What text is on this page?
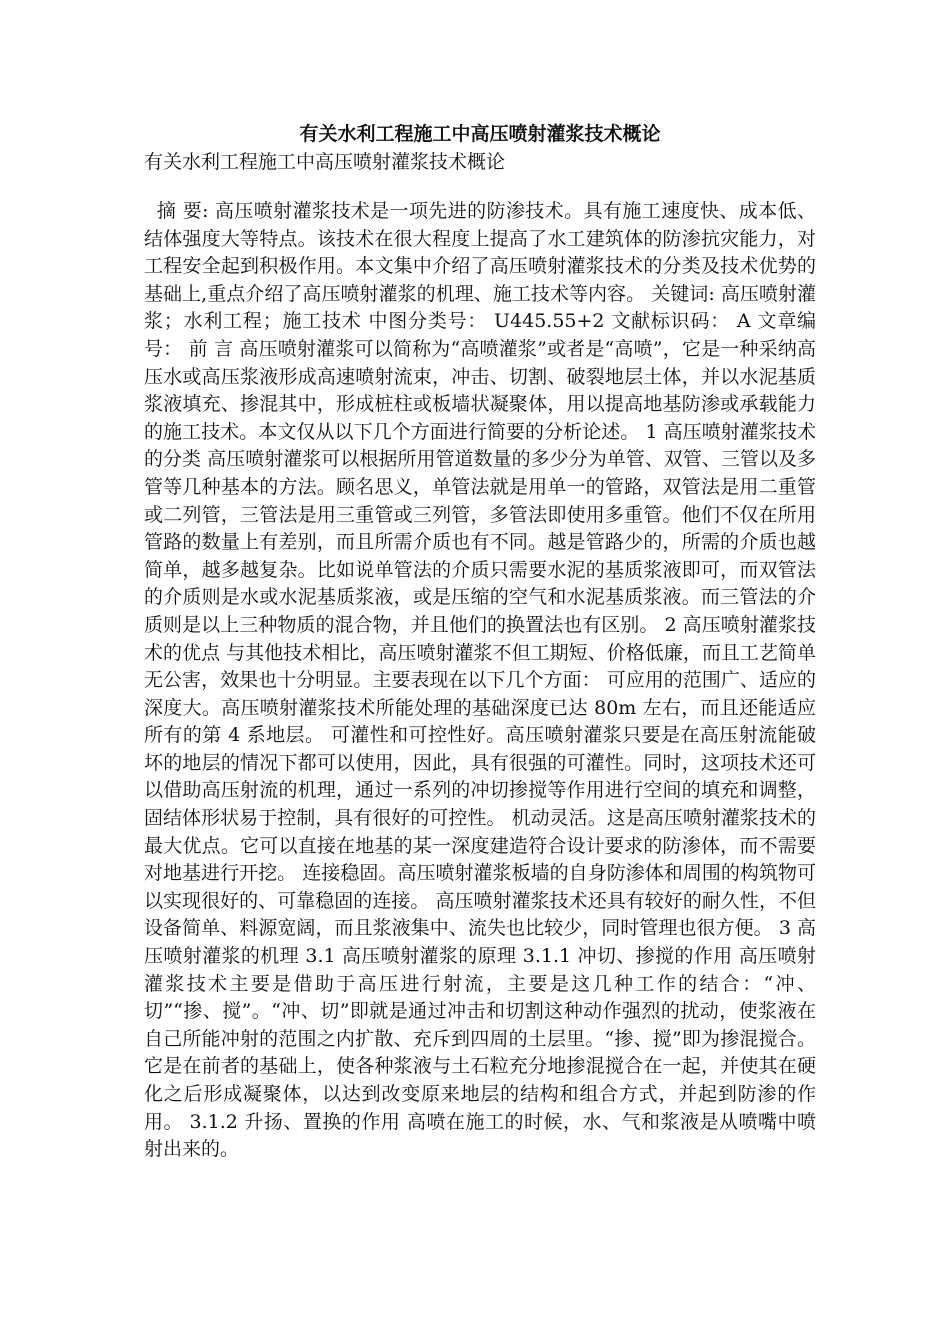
有关水利工程施工中高压喷射灌浆技术概论

有关水利工程施工中高压喷射灌浆技术概论

摘 要: 高压喷射灌浆技术是一项先进的防渗技术。具有施工速度快、成本低、结体强度大等特点。该技术在很大程度上提高了水工建筑体的防渗抗灾能力，对工程安全起到积极作用。本文集中介绍了高压喷射灌浆技术的分类及技术优势的基础上,重点介绍了高压喷射灌浆的机理、施工技术等内容。 关键词: 高压喷射灌浆；水利工程；施工技术 中图分类号： U445.55+2 文献标识码： A 文章编号： 前 言 高压喷射灌浆可以简称为“高喷灌浆”或者是“高喷”，它是一种采纳高压水或高压浆液形成高速喷射流束，冲击、切割、破裂地层土体，并以水泥基质浆液填充、掺混其中，形成桩柱或板墙状凝聚体，用以提高地基防渗或承载能力的施工技术。本文仅从以下几个方面进行简要的分析论述。 1 高压喷射灌浆技术的分类 高压喷射灌浆可以根据所用管道数量的多少分为单管、双管、三管以及多管等几种基本的方法。顾名思义，单管法就是用单一的管路，双管法是用二重管或二列管，三管法是用三重管或三列管，多管法即使用多重管。他们不仅在所用管路的数量上有差别，而且所需介质也有不同。越是管路少的，所需的介质也越简单，越多越复杂。比如说单管法的介质只需要水泥的基质浆液即可，而双管法的介质则是水或水泥基质浆液，或是压缩的空气和水泥基质浆液。而三管法的介质则是以上三种物质的混合物，并且他们的换置法也有区别。 2 高压喷射灌浆技术的优点 与其他技术相比，高压喷射灌浆不但工期短、价格低廉，而且工艺简单无公害，效果也十分明显。主要表现在以下几个方面： 可应用的范围广、适应的深度大。高压喷射灌浆技术所能处理的基础深度已达 80m 左右，而且还能适应所有的第 4 系地层。 可灌性和可控性好。高压喷射灌浆只要是在高压射流能破坏的地层的情况下都可以使用，因此，具有很强的可灌性。同时，这项技术还可以借助高压射流的机理，通过一系列的冲切掺搅等作用进行空间的填充和调整，固结体形状易于控制，具有很好的可控性。 机动灵活。这是高压喷射灌浆技术的最大优点。它可以直接在地基的某一深度建造符合设计要求的防渗体，而不需要对地基进行开挖。 连接稳固。高压喷射灌浆板墙的自身防渗体和周围的构筑物可以实现很好的、可靠稳固的连接。 高压喷射灌浆技术还具有较好的耐久性，不但设备简单、料源宽阔，而且浆液集中、流失也比较少，同时管理也很方便。 3 高压喷射灌浆的机理 3.1 高压喷射灌浆的原理 3.1.1 冲切、掺搅的作用 高压喷射灌浆技术主要是借助于高压进行射流，主要是这几种工作的结合：“冲、切”“掺、搅”。“冲、切”即就是通过冲击和切割这种动作强烈的扰动，使浆液在自己所能冲射的范围之内扩散、充斥到四周的土层里。“掺、搅”即为掺混搅合。它是在前者的基础上，使各种浆液与土石粒充分地掺混搅合在一起，并使其在硬化之后形成凝聚体，以达到改变原来地层的结构和组合方式，并起到防渗的作用。 3.1.2 升扬、置换的作用 高喷在施工的时候，水、气和浆液是从喷嘴中喷射出来的。
